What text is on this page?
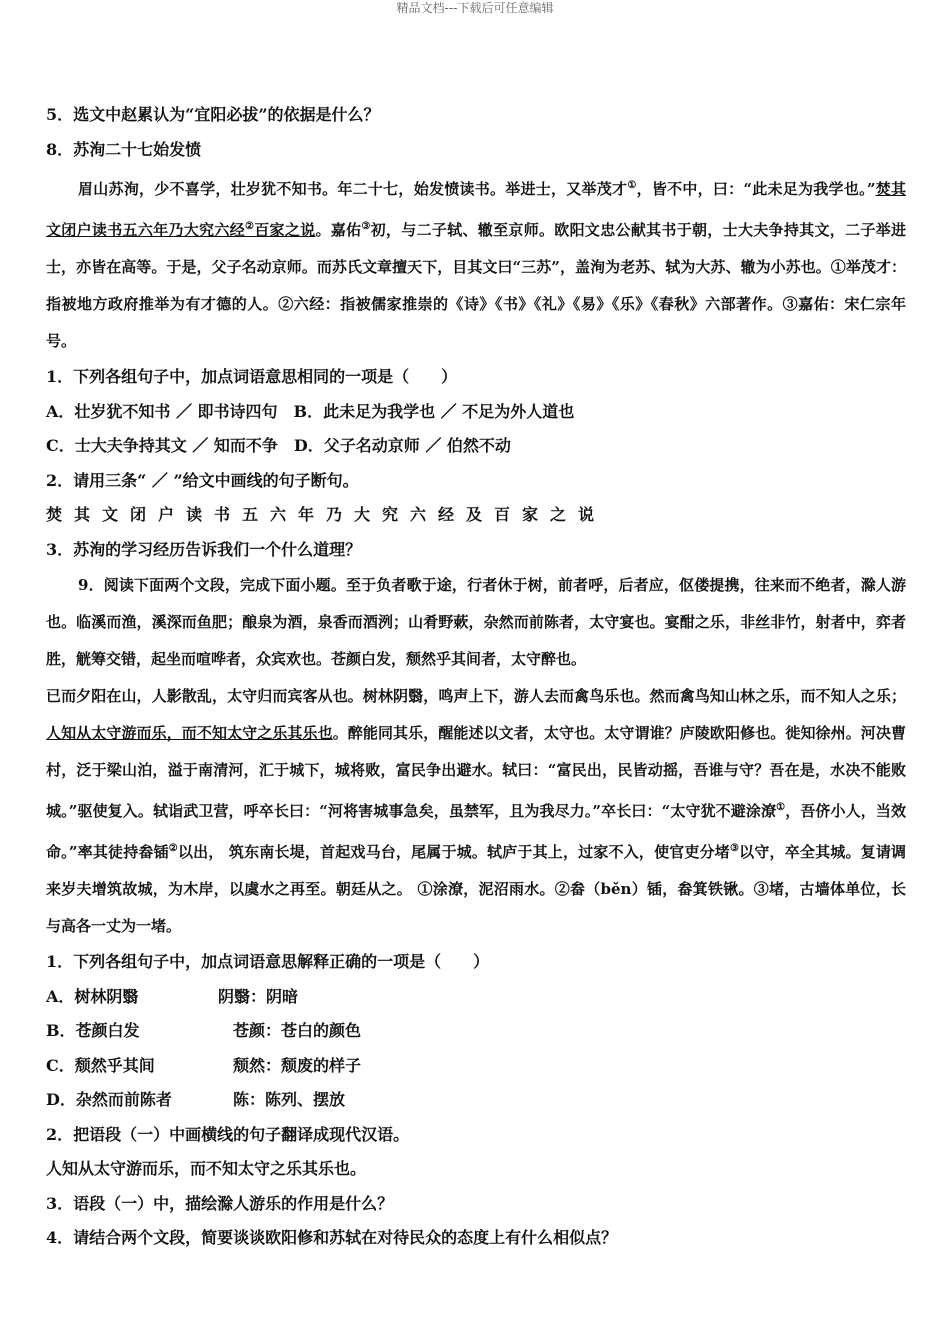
精品文档---下载后可任意编辑

5．选文中赵累认为“宜阳必拔”的依据是什么？

8．苏洵二十七始发愤

眉山苏洵，少不喜学，壮岁犹不知书。年二十七，始发愤读书。举进士，又举茂才①，皆不中，曰：“此未足为我学也。”焚其文闭户读书五六年乃大究六经②百家之说。嘉佑③初，与二子轼、辙至京师。欧阳文忠公献其书于朝，士大夫争持其文，二子举进士，亦皆在高等。于是，父子名动京师。而苏氏文章擅天下，目其文曰“三苏”，盖洵为老苏、轼为大苏、辙为小苏也。①举茂才：指被地方政府推举为有才德的人。②六经：指被儒家推崇的《诗》《书》《礼》《易》《乐》《春秋》六部著作。③嘉佑：宋仁宗年号。

1．下列各组句子中，加点词语意思相同的一项是（　　）

A．壮岁犹不知书 ／ 即书诗四句　B．此未足为我学也 ／ 不足为外人道也

C．士大夫争持其文 ／ 知而不争　D．父子名动京师 ／ 伯然不动

2．请用三条“ ／ ”给文中画线的句子断句。

焚其文闭户读书五六年乃大究六经及百家之说

3．苏洵的学习经历告诉我们一个什么道理？

9．阅读下面两个文段，完成下面小题。至于负者歌于途，行者休于树，前者呼，后者应，伛偻提携，往来而不绝者，滁人游也。临溪而渔，溪深而鱼肥；酿泉为酒，泉香而酒洌；山肴野蔌，杂然而前陈者，太守宴也。宴酣之乐，非丝非竹，射者中，弈者胜，觥筹交错，起坐而喧哗者，众宾欢也。苍颜白发，颓然乎其间者，太守醉也。

已而夕阳在山，人影散乱，太守归而宾客从也。树林阴翳，鸣声上下，游人去而禽鸟乐也。然而禽鸟知山林之乐，而不知人之乐；人知从太守游而乐，而不知太守之乐其乐也。醉能同其乐，醒能述以文者，太守也。太守谓谁？庐陵欧阳修也。徙知徐州。河决曹村，泛于梁山泊，溢于南清河，汇于城下，城将败，富民争出避水。轼曰：“富民出，民皆动摇，吾谁与守？吾在是，水决不能败城。”驱使复入。轼诣武卫营，呼卒长曰：“河将害城事急矣，虽禁军，且为我尽力。”卒长曰：“太守犹不避涂潦①，吾侪小人，当效命。”率其徒持畚锸②以出， 筑东南长堤，首起戏马台，尾属于城。轼庐于其上，过家不入，使官吏分堵③以守，卒全其城。复请调来岁夫增筑故城，为木岸，以虞水之再至。朝廷从之。 ①涂潦，泥沼雨水。②畚（běn）锸，畚箕铁锹。③堵，古墙体单位，长与高各一丈为一堵。

1．下列各组句子中，加点词语意思解释正确的一项是（　　）

A．树林阴翳	阴翳：阴暗
B．苍颜白发	苍颜：苍白的颜色
C．颓然乎其间	颓然：颓废的样子
D．杂然而前陈者	陈：陈列、摆放

2．把语段（一）中画横线的句子翻译成现代汉语。

人知从太守游而乐，而不知太守之乐其乐也。

3．语段（一）中，描绘滁人游乐的作用是什么？

4．请结合两个文段，简要谈谈欧阳修和苏轼在对待民众的态度上有什么相似点？
